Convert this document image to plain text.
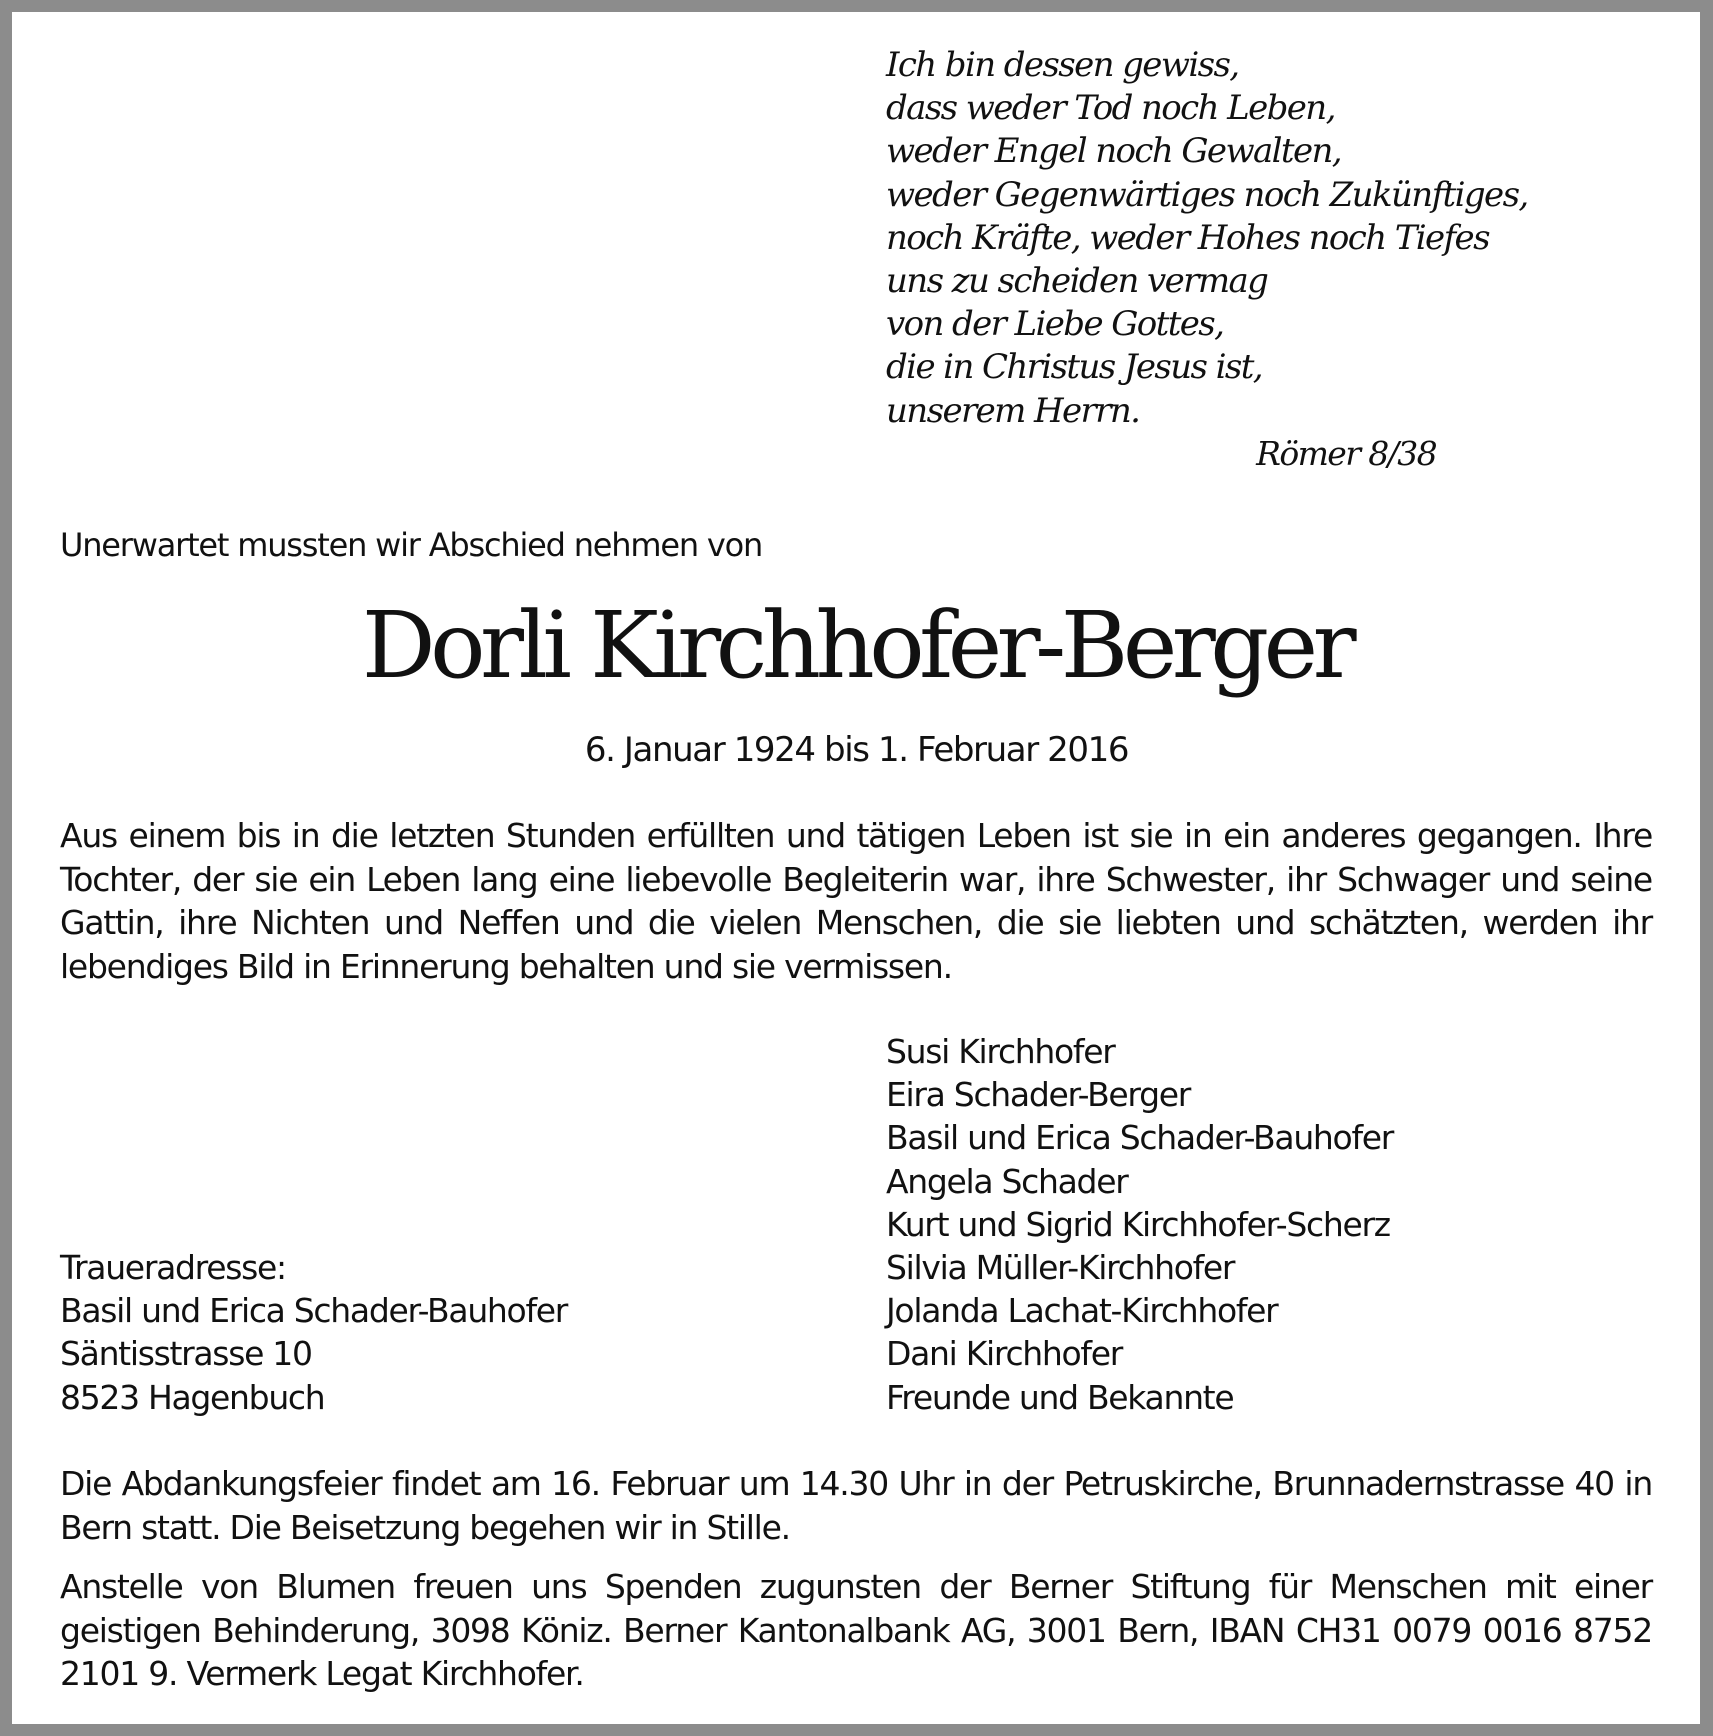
Ich bin dessen gewiss,
dass weder Tod noch Leben,
weder Engel noch Gewalten,
weder Gegenwärtiges noch Zukünftiges,
noch Kräfte, weder Hohes noch Tiefes
uns zu scheiden vermag
von der Liebe Gottes,
die in Christus Jesus ist,
unserem Herrn.
Römer 8/38
Unerwartet mussten wir Abschied nehmen von
Dorli Kirchhofer-Berger
6. Januar 1924 bis 1. Februar 2016
Aus einem bis in die letzten Stunden erfüllten und tätigen Leben ist sie in ein anderes gegangen. Ihre Tochter, der sie ein Leben lang eine liebevolle Begleiterin war, ihre Schwester, ihr Schwager und seine Gattin, ihre Nichten und Neffen und die vielen Menschen, die sie liebten und schätzten, werden ihr lebendiges Bild in Erinnerung behalten und sie vermissen.
Susi Kirchhofer
Eira Schader-Berger
Basil und Erica Schader-Bauhofer
Angela Schader
Kurt und Sigrid Kirchhofer-Scherz
Silvia Müller-Kirchhofer
Jolanda Lachat-Kirchhofer
Dani Kirchhofer
Freunde und Bekannte
Traueradresse:
Basil und Erica Schader-Bauhofer
Säntisstrasse 10
8523 Hagenbuch
Die Abdankungsfeier findet am 16. Februar um 14.30 Uhr in der Petruskirche, Brunnadernstrasse 40 in Bern statt. Die Beisetzung begehen wir in Stille.
Anstelle von Blumen freuen uns Spenden zugunsten der Berner Stiftung für Menschen mit einer geistigen Behinderung, 3098 Köniz. Berner Kantonalbank AG, 3001 Bern, IBAN CH31 0079 0016 8752 2101 9. Vermerk Legat Kirchhofer.
